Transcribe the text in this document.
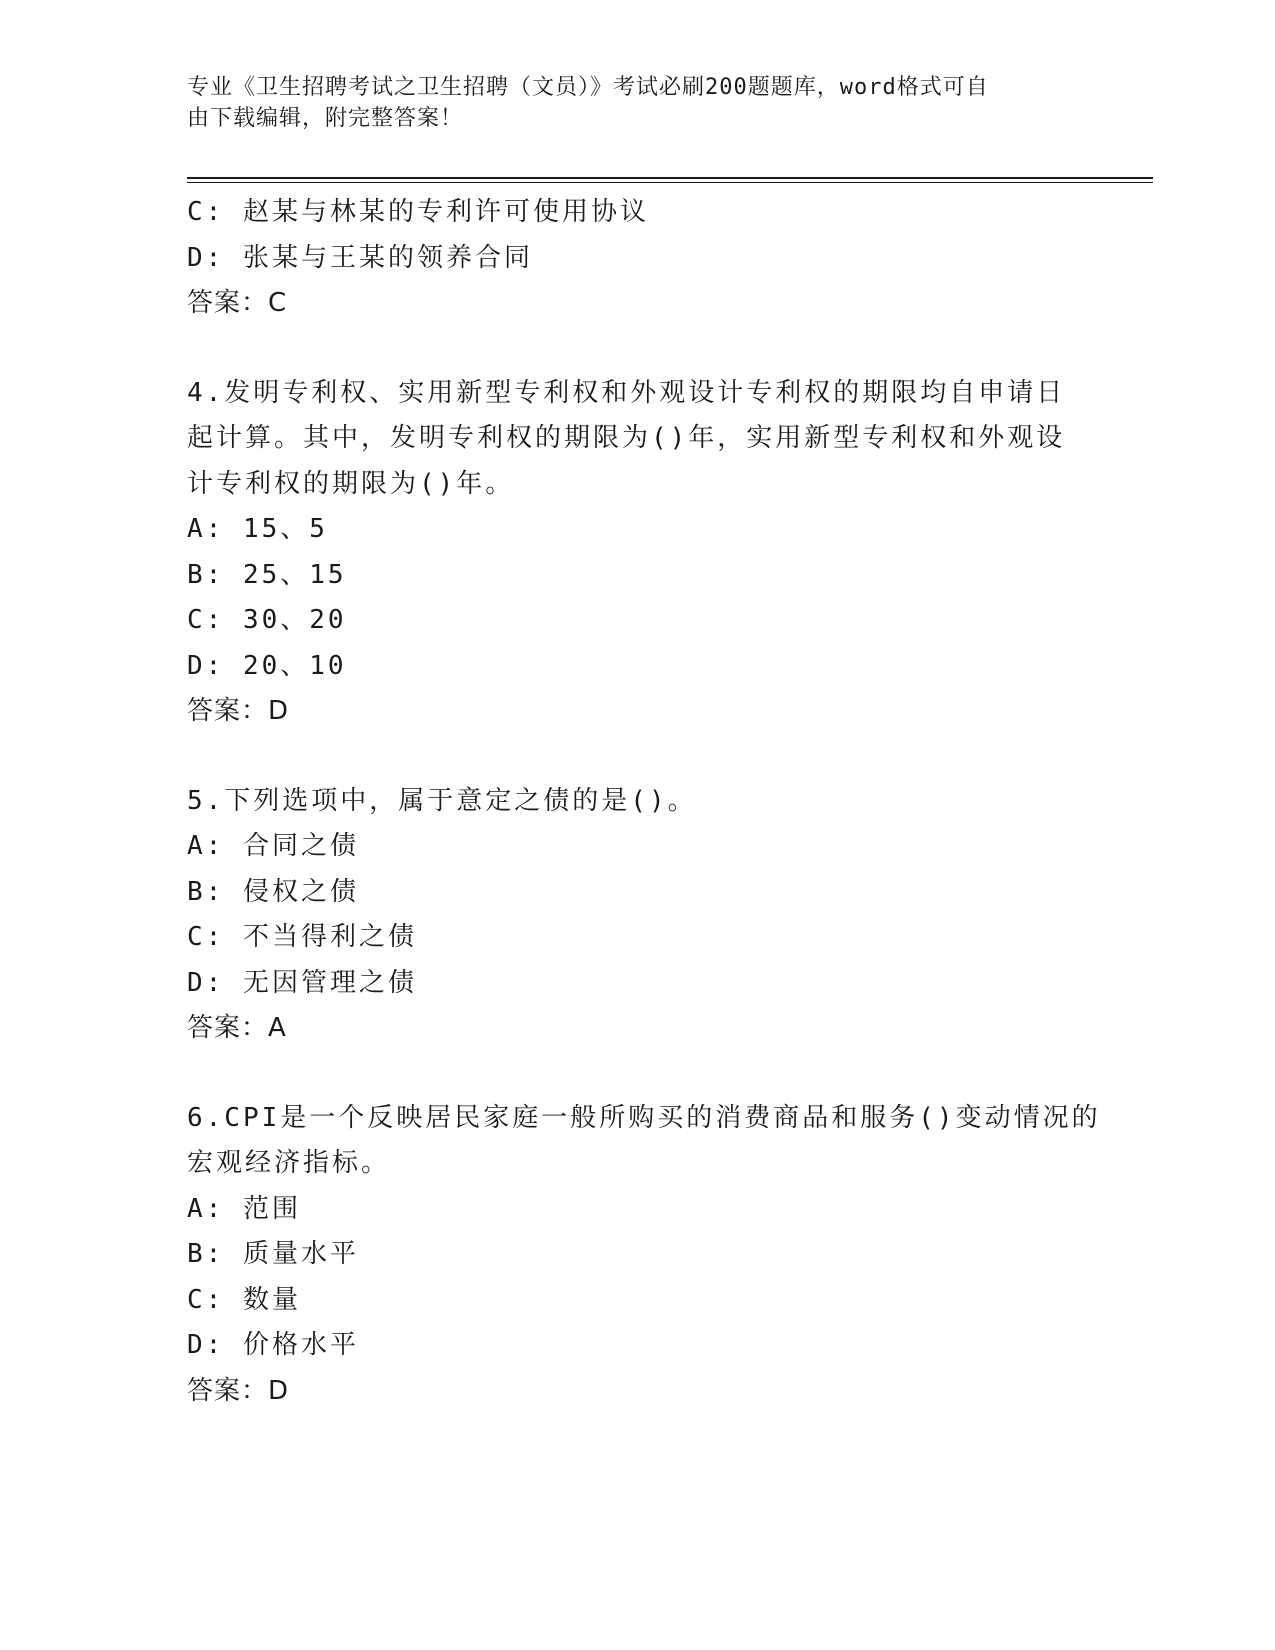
专业《卫生招聘考试之卫生招聘（文员）》考试必刷200题题库，word格式可自
由下载编辑，附完整答案！
C: 赵某与林某的专利许可使用协议
D: 张某与王某的领养合同
答案：C
4.发明专利权、实用新型专利权和外观设计专利权的期限均自申请日
起计算。其中，发明专利权的期限为()年，实用新型专利权和外观设
计专利权的期限为()年。
A: 15、5
B: 25、15
C: 30、20
D: 20、10
答案：D
5.下列选项中，属于意定之债的是()。
A: 合同之债
B: 侵权之债
C: 不当得利之债
D: 无因管理之债
答案：A
6.CPI是一个反映居民家庭一般所购买的消费商品和服务()变动情况的
宏观经济指标。
A: 范围
B: 质量水平
C: 数量
D: 价格水平
答案：D
